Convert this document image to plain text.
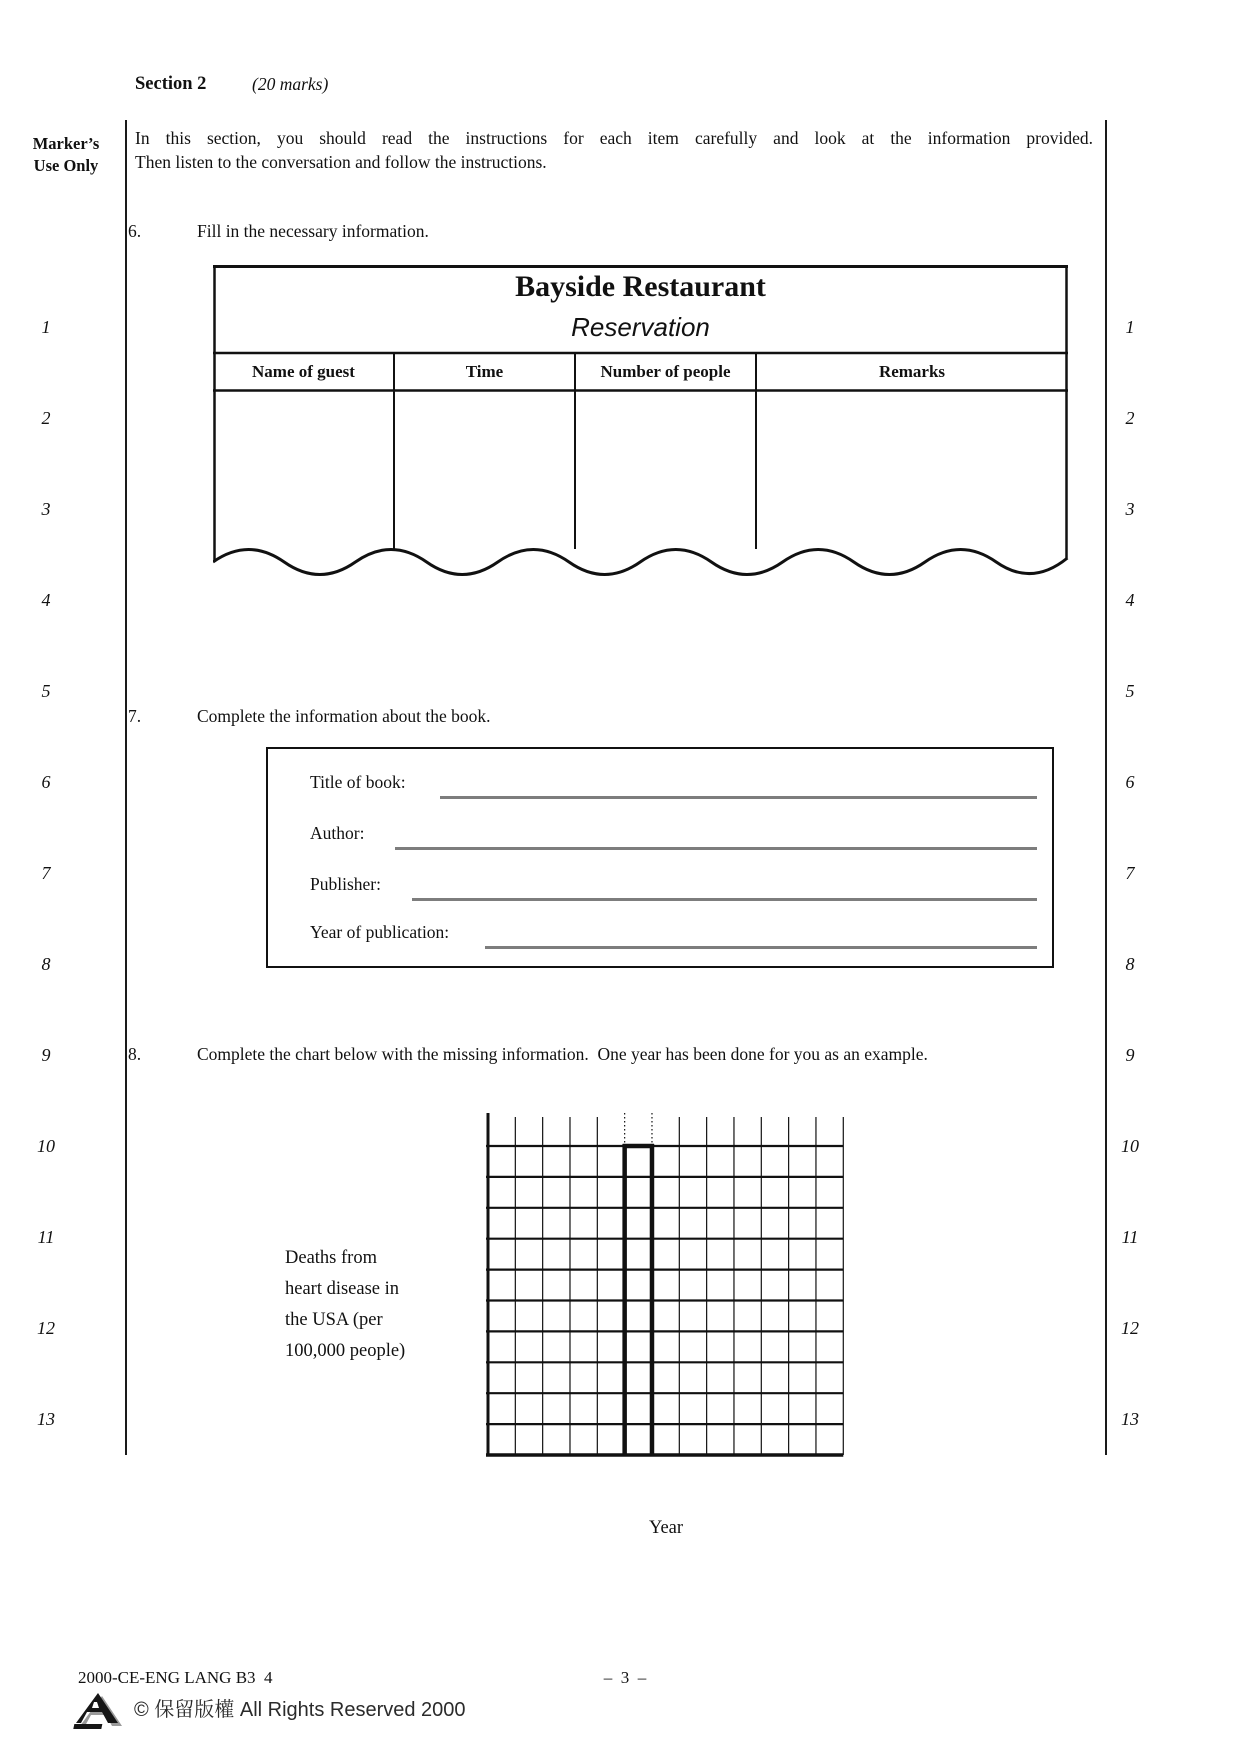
Marker’s
Use Only
Section 2	(20 marks)
In this section, you should read the instructions for each item carefully and look at the information provided.
Then listen to the conversation and follow the instructions.
6.	Fill in the necessary information.
Bayside Restaurant
Reservation
Name of guest	Time	Number of people	Remarks
7.	Complete the information about the book.
Title of book:
Author:
Publisher:
Year of publication:
8.	Complete the chart below with the missing information.  One year has been done for you as an example.
Deaths from
heart disease in
the USA (per
100,000 people)
Year
2000-CE-ENG LANG B3  4	–  3  –
© 保留版權 All Rights Reserved 2000
1
2
3
4
5
6
7
8
9
10
11
12
13
1
2
3
4
5
6
7
8
9
10
11
12
13
